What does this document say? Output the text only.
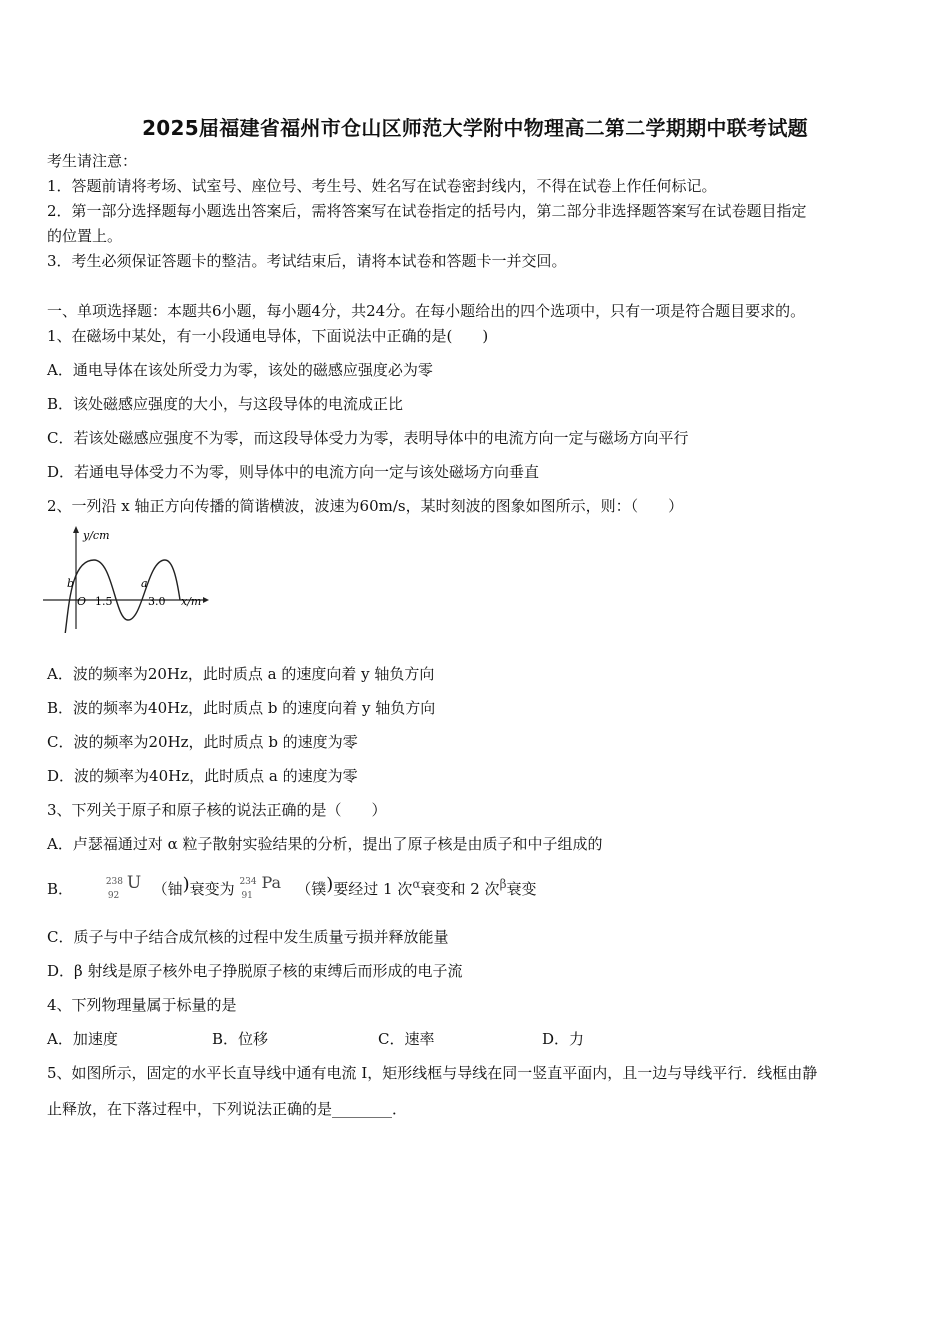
2025届福建省福州市仓山区师范大学附中物理高二第二学期期中联考试题
考生请注意：
1．答题前请将考场、试室号、座位号、考生号、姓名写在试卷密封线内，不得在试卷上作任何标记。
2．第一部分选择题每小题选出答案后，需将答案写在试卷指定的括号内，第二部分非选择题答案写在试卷题目指定
的位置上。
3．考生必须保证答题卡的整洁。考试结束后，请将本试卷和答题卡一并交回。
一、单项选择题：本题共6小题，每小题4分，共24分。在每小题给出的四个选项中，只有一项是符合题目要求的。
1、在磁场中某处，有一小段通电导体，下面说法中正确的是(　　)
A．通电导体在该处所受力为零，该处的磁感应强度必为零
B．该处磁感应强度的大小，与这段导体的电流成正比
C．若该处磁感应强度不为零，而这段导体受力为零，表明导体中的电流方向一定与磁场方向平行
D．若通电导体受力不为零，则导体中的电流方向一定与该处磁场方向垂直
2、一列沿 x 轴正方向传播的简谐横波，波速为60m/s，某时刻波的图象如图所示，则：（　　）
y/cm
b
O 1.5
a
3.0 x/m
A．波的频率为20Hz，此时质点 a 的速度向着 y 轴负方向
B．波的频率为40Hz，此时质点 b 的速度向着 y 轴负方向
C．波的频率为20Hz，此时质点 b 的速度为零
D．波的频率为40Hz，此时质点 a 的速度为零
3、下列关于原子和原子核的说法正确的是（　　）
A．卢瑟福通过对 α 粒子散射实验结果的分析，提出了原子核是由质子和中子组成的
B．	238
92
U （铀)衰变为 234
91
Pa （镤)要经过 1 次$^\alpha$衰变和 2 次$^\beta$衰变
C．质子与中子结合成氘核的过程中发生质量亏损并释放能量
D．β 射线是原子核外电子挣脱原子核的束缚后而形成的电子流
4、下列物理量属于标量的是
A．加速度	B．位移	C．速率	D．力
5、如图所示，固定的水平长直导线中通有电流 I，矩形线框与导线在同一竖直平面内，且一边与导线平行．线框由静
止释放，在下落过程中，下列说法正确的是________．
